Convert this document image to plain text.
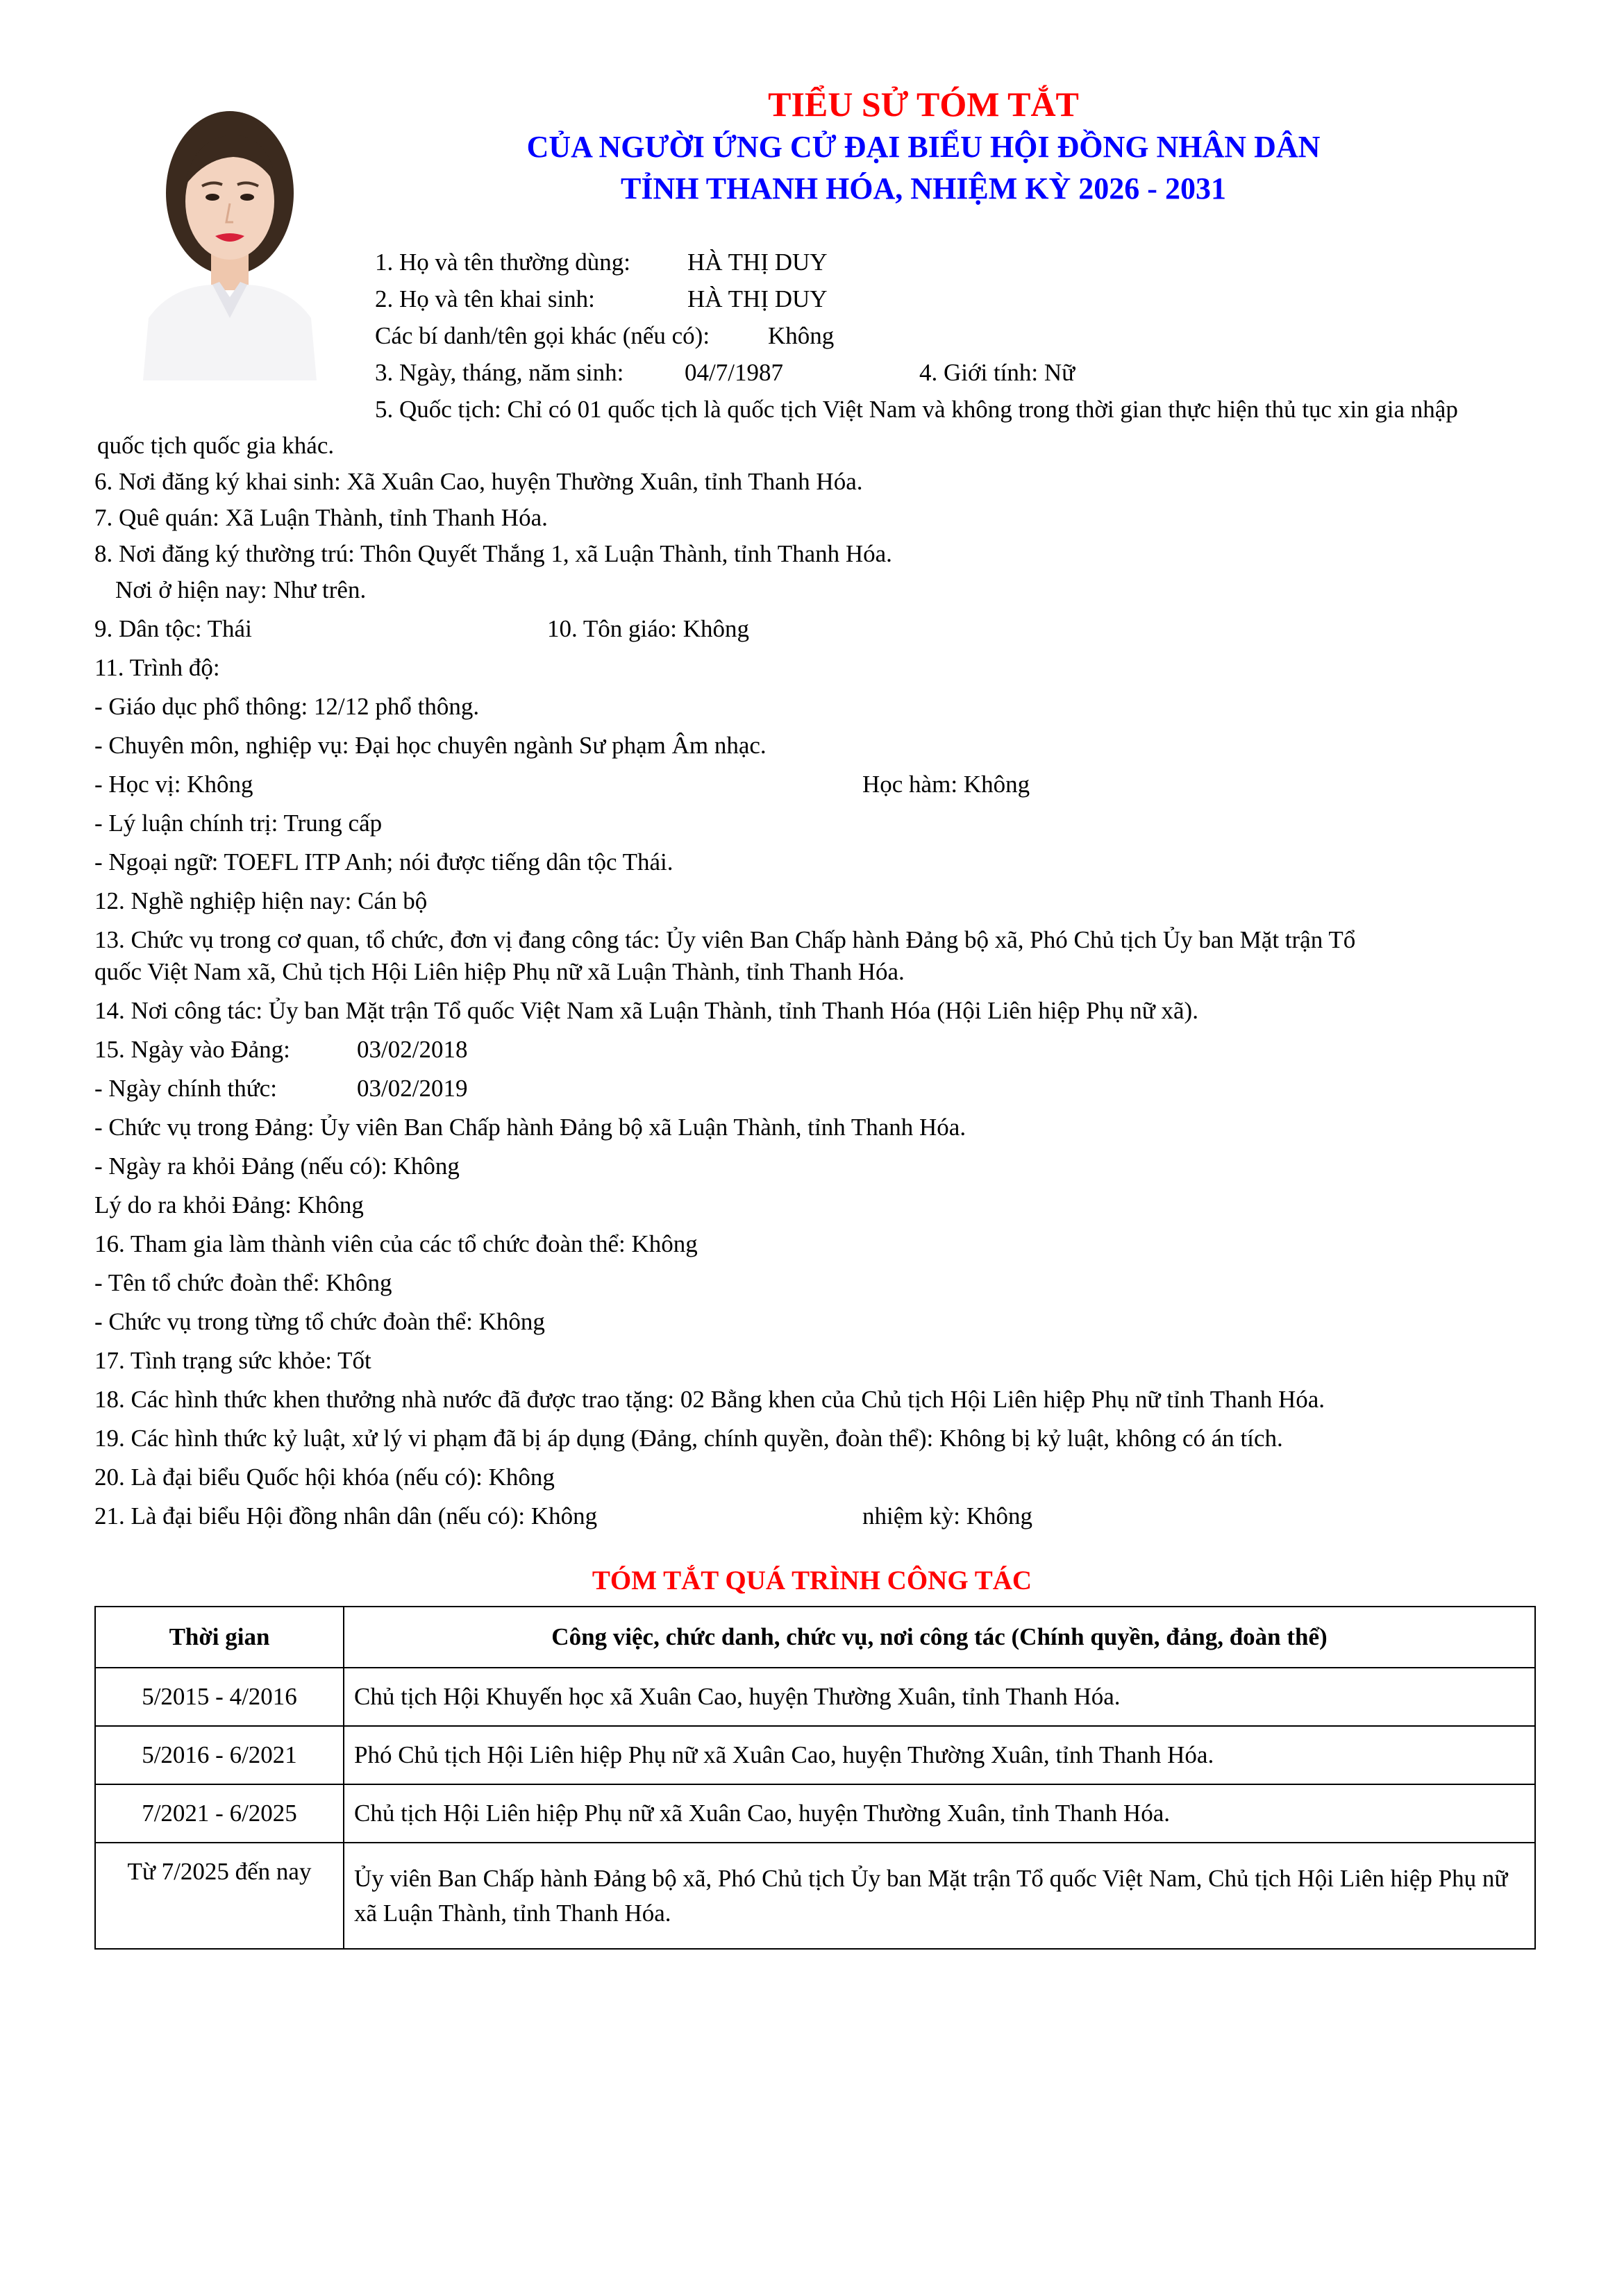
TIỂU SỬ TÓM TẮT
CỦA NGƯỜI ỨNG CỬ ĐẠI BIỂU HỘI ĐỒNG NHÂN DÂN
TỈNH THANH HÓA, NHIỆM KỲ 2026 - 2031
1. Họ và tên thường dùng: HÀ THỊ DUY
2. Họ và tên khai sinh:	HÀ THỊ DUY
Các bí danh/tên gọi khác (nếu có): Không
3. Ngày, tháng, năm sinh:	04/7/1987	4. Giới tính: Nữ
5. Quốc tịch: Chỉ có 01 quốc tịch là quốc tịch Việt Nam và không trong thời gian thực hiện thủ tục xin gia nhập
quốc tịch quốc gia khác.
6. Nơi đăng ký khai sinh: Xã Xuân Cao, huyện Thường Xuân, tỉnh Thanh Hóa.
7. Quê quán: Xã Luận Thành, tỉnh Thanh Hóa.
8. Nơi đăng ký thường trú: Thôn Quyết Thắng 1, xã Luận Thành, tỉnh Thanh Hóa.
Nơi ở hiện nay: Như trên.
9. Dân tộc: Thái	10. Tôn giáo: Không
11. Trình độ:
- Giáo dục phổ thông: 12/12 phổ thông.
- Chuyên môn, nghiệp vụ: Đại học chuyên ngành Sư phạm Âm nhạc.
- Học vị: Không	Học hàm: Không
- Lý luận chính trị: Trung cấp
- Ngoại ngữ: TOEFL ITP Anh; nói được tiếng dân tộc Thái.
12. Nghề nghiệp hiện nay: Cán bộ
13. Chức vụ trong cơ quan, tổ chức, đơn vị đang công tác: Ủy viên Ban Chấp hành Đảng bộ xã, Phó Chủ tịch Ủy ban Mặt trận Tổ
quốc Việt Nam xã, Chủ tịch Hội Liên hiệp Phụ nữ xã Luận Thành, tỉnh Thanh Hóa.
14. Nơi công tác: Ủy ban Mặt trận Tổ quốc Việt Nam xã Luận Thành, tỉnh Thanh Hóa (Hội Liên hiệp Phụ nữ xã).
15. Ngày vào Đảng:	03/02/2018
- Ngày chính thức:	03/02/2019
- Chức vụ trong Đảng: Ủy viên Ban Chấp hành Đảng bộ xã Luận Thành, tỉnh Thanh Hóa.
- Ngày ra khỏi Đảng (nếu có): Không
Lý do ra khỏi Đảng: Không
16. Tham gia làm thành viên của các tổ chức đoàn thể: Không
- Tên tổ chức đoàn thể: Không
- Chức vụ trong từng tổ chức đoàn thể: Không
17. Tình trạng sức khỏe: Tốt
18. Các hình thức khen thưởng nhà nước đã được trao tặng: 02 Bằng khen của Chủ tịch Hội Liên hiệp Phụ nữ tỉnh Thanh Hóa.
19. Các hình thức kỷ luật, xử lý vi phạm đã bị áp dụng (Đảng, chính quyền, đoàn thể): Không bị kỷ luật, không có án tích.
20. Là đại biểu Quốc hội khóa (nếu có): Không
21. Là đại biểu Hội đồng nhân dân (nếu có): Không	nhiệm kỳ: Không
TÓM TẮT QUÁ TRÌNH CÔNG TÁC
Thời gian	Công việc, chức danh, chức vụ, nơi công tác (Chính quyền, đảng, đoàn thể)
5/2015 - 4/2016	Chủ tịch Hội Khuyến học xã Xuân Cao, huyện Thường Xuân, tỉnh Thanh Hóa.
5/2016 - 6/2021	Phó Chủ tịch Hội Liên hiệp Phụ nữ xã Xuân Cao, huyện Thường Xuân, tỉnh Thanh Hóa.
7/2021 - 6/2025	Chủ tịch Hội Liên hiệp Phụ nữ xã Xuân Cao, huyện Thường Xuân, tỉnh Thanh Hóa.
Từ 7/2025 đến nay	Ủy viên Ban Chấp hành Đảng bộ xã, Phó Chủ tịch Ủy ban Mặt trận Tổ quốc Việt Nam, Chủ tịch Hội Liên hiệp Phụ nữ xã Luận Thành, tỉnh Thanh Hóa.
